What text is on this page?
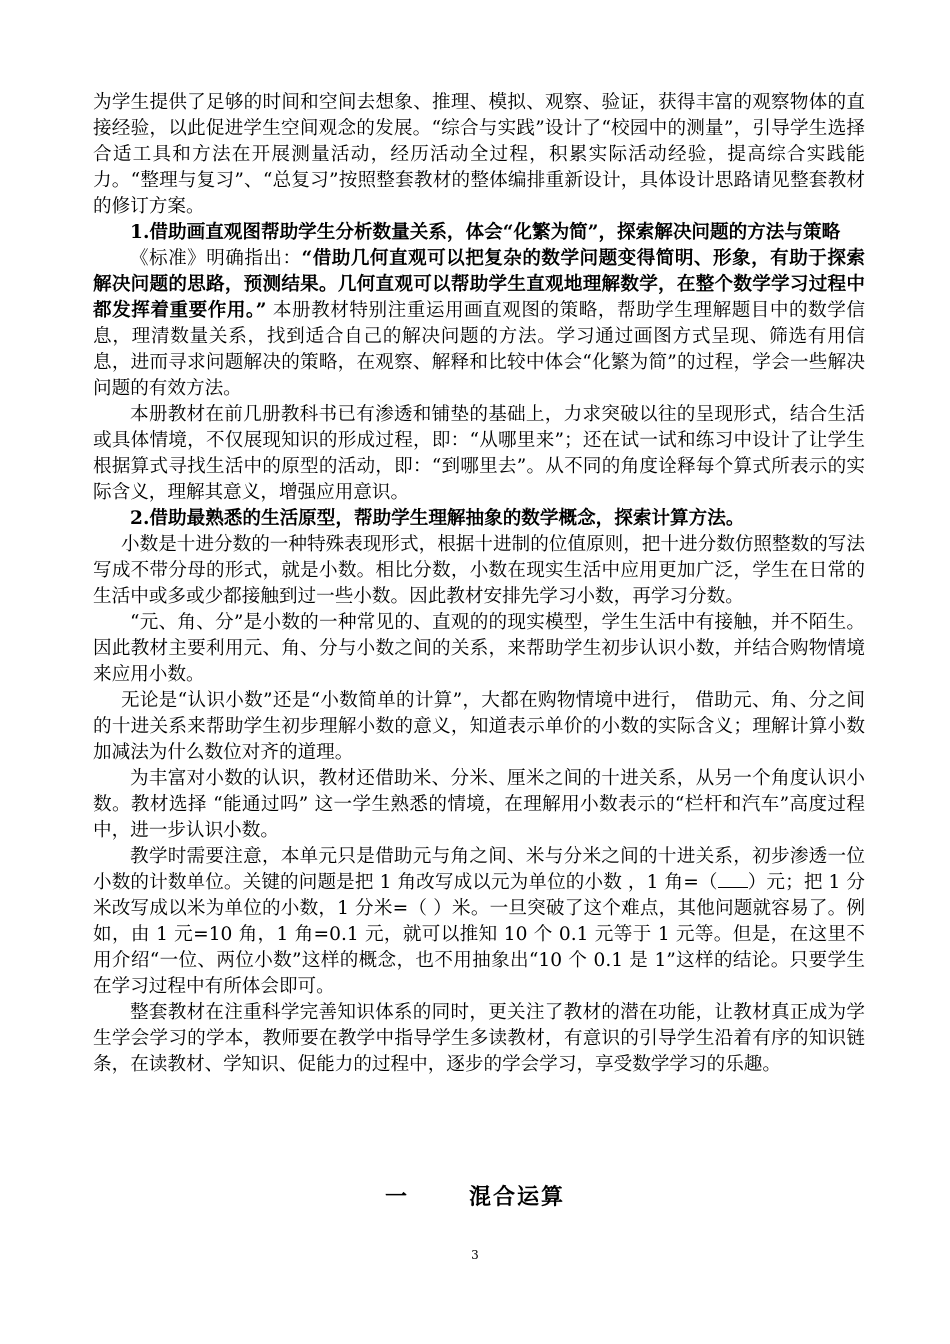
为学生提供了足够的时间和空间去想象、推理、模拟、观察、验证，获得丰富的观察物体的直接经验，以此促进学生空间观念的发展。“综合与实践”设计了“校园中的测量”，引导学生选择合适工具和方法在开展测量活动，经历活动全过程，积累实际活动经验，提高综合实践能力。“整理与复习”、“总复习”按照整套教材的整体编排重新设计，具体设计思路请见整套教材的修订方案。

1.借助画直观图帮助学生分析数量关系，体会“化繁为简”，探索解决问题的方法与策略

《标准》明确指出：“借助几何直观可以把复杂的数学问题变得简明、形象，有助于探索解决问题的思路，预测结果。几何直观可以帮助学生直观地理解数学，在整个数学学习过程中都发挥着重要作用。” 本册教材特别注重运用画直观图的策略，帮助学生理解题目中的数学信息，理清数量关系，找到适合自己的解决问题的方法。学习通过画图方式呈现、筛选有用信息，进而寻求问题解决的策略，在观察、解释和比较中体会“化繁为简”的过程，学会一些解决问题的有效方法。

本册教材在前几册教科书已有渗透和铺垫的基础上，力求突破以往的呈现形式，结合生活或具体情境，不仅展现知识的形成过程，即：“从哪里来”；还在试一试和练习中设计了让学生根据算式寻找生活中的原型的活动，即：“到哪里去”。从不同的角度诠释每个算式所表示的实际含义，理解其意义，增强应用意识。

2.借助最熟悉的生活原型，帮助学生理解抽象的数学概念，探索计算方法。

小数是十进分数的一种特殊表现形式，根据十进制的位值原则，把十进分数仿照整数的写法写成不带分母的形式，就是小数。相比分数，小数在现实生活中应用更加广泛，学生在日常的生活中或多或少都接触到过一些小数。因此教材安排先学习小数，再学习分数。

“元、角、分”是小数的一种常见的、直观的的现实模型，学生生活中有接触，并不陌生。因此教材主要利用元、角、分与小数之间的关系，来帮助学生初步认识小数，并结合购物情境来应用小数。

无论是“认识小数”还是“小数简单的计算”，大都在购物情境中进行， 借助元、角、分之间的十进关系来帮助学生初步理解小数的意义，知道表示单价的小数的实际含义；理解计算小数加减法为什么数位对齐的道理。

为丰富对小数的认识，教材还借助米、分米、厘米之间的十进关系，从另一个角度认识小数。教材选择 “能通过吗” 这一学生熟悉的情境，在理解用小数表示的“栏杆和汽车”高度过程中，进一步认识小数。

教学时需要注意，本单元只是借助元与角之间、米与分米之间的十进关系，初步渗透一位小数的计数单位。关键的问题是把 1 角改写成以元为单位的小数 ，1 角=（ ）元；把 1 分米改写成以米为单位的小数，1 分米=（ ）米。一旦突破了这个难点，其他问题就容易了。例如，由 1 元=10 角，1 角=0.1 元，就可以推知 10 个 0.1 元等于 1 元等。但是，在这里不用介绍“一位、两位小数”这样的概念，也不用抽象出“10 个 0.1 是 1”这样的结论。只要学生在学习过程中有所体会即可。

整套教材在注重科学完善知识体系的同时，更关注了教材的潜在功能，让教材真正成为学生学会学习的学本，教师要在教学中指导学生多读教材，有意识的引导学生沿着有序的知识链条，在读教材、学知识、促能力的过程中，逐步的学会学习，享受数学学习的乐趣。

一	混合运算
3
